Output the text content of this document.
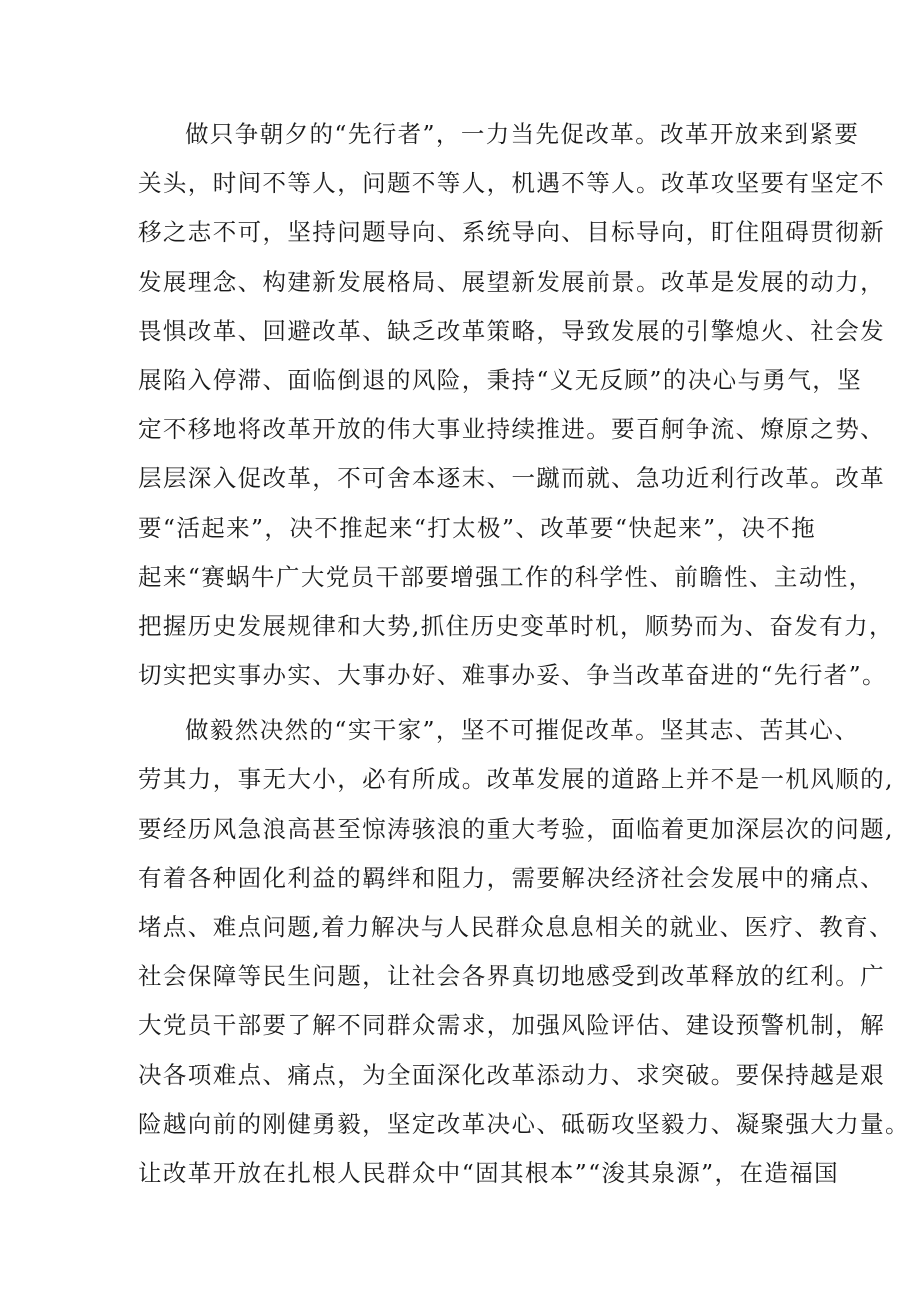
做只争朝夕的“先行者”，一力当先促改革。改革开放来到紧要
关头，时间不等人，问题不等人，机遇不等人。改革攻坚要有坚定不
移之志不可，坚持问题导向、系统导向、目标导向，盯住阻碍贯彻新
发展理念、构建新发展格局、展望新发展前景。改革是发展的动力，
畏惧改革、回避改革、缺乏改革策略，导致发展的引擎熄火、社会发
展陷入停滞、面临倒退的风险，秉持“义无反顾”的决心与勇气，坚
定不移地将改革开放的伟大事业持续推进。要百舸争流、燎原之势、
层层深入促改革，不可舍本逐末、一蹴而就、急功近利行改革。改革
要“活起来”，决不推起来“打太极”、改革要“快起来”，决不拖
起来“赛蜗牛广大党员干部要增强工作的科学性、前瞻性、主动性，
把握历史发展规律和大势,抓住历史变革时机，顺势而为、奋发有力，
切实把实事办实、大事办好、难事办妥、争当改革奋进的“先行者”。
做毅然决然的“实干家”，坚不可摧促改革。坚其志、苦其心、
劳其力，事无大小，必有所成。改革发展的道路上并不是一机风顺的,
要经历风急浪高甚至惊涛骇浪的重大考验，面临着更加深层次的问题,
有着各种固化利益的羁绊和阻力，需要解决经济社会发展中的痛点、
堵点、难点问题,着力解决与人民群众息息相关的就业、医疗、教育、
社会保障等民生问题，让社会各界真切地感受到改革释放的红利。广
大党员干部要了解不同群众需求，加强风险评估、建设预警机制，解
决各项难点、痛点，为全面深化改革添动力、求突破。要保持越是艰
险越向前的刚健勇毅，坚定改革决心、砥砺攻坚毅力、凝聚强大力量。
让改革开放在扎根人民群众中“固其根本”“浚其泉源”，在造福国
